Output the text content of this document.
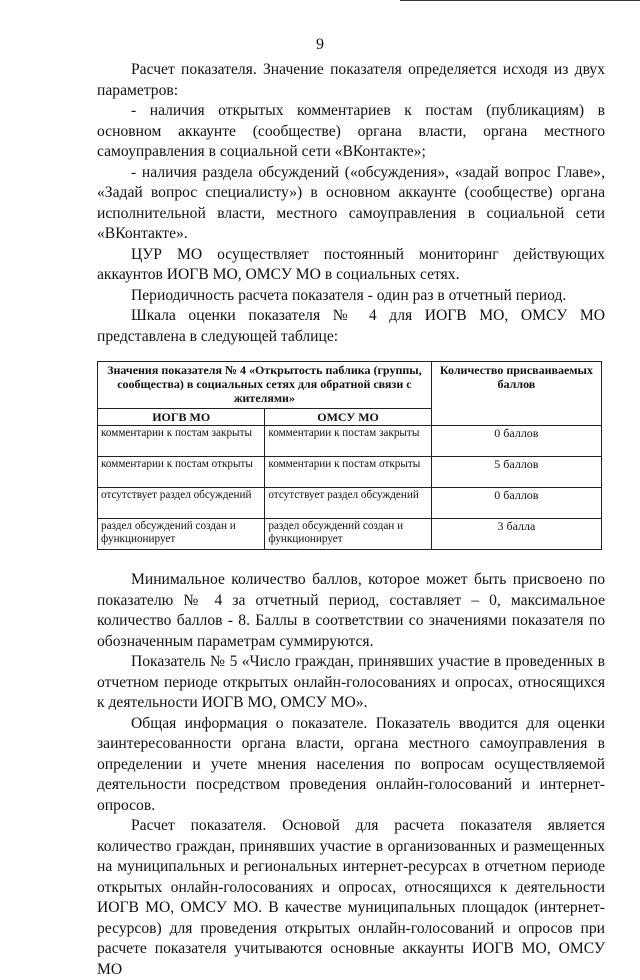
9

Расчет показателя. Значение показателя определяется исходя из двух параметров:

- наличия открытых комментариев к постам (публикациям) в основном аккаунте (сообществе) органа власти, органа местного самоуправления в социальной сети «ВКонтакте»;

- наличия раздела обсуждений («обсуждения», «задай вопрос Главе», «Задай вопрос специалисту») в основном аккаунте (сообществе) органа исполнительной власти, местного самоуправления в социальной сети «ВКонтакте».

ЦУР МО осуществляет постоянный мониторинг действующих аккаунтов ИОГВ МО, ОМСУ МО в социальных сетях.

Периодичность расчета показателя - один раз в отчетный период.

Шкала оценки показателя № 4 для ИОГВ МО, ОМСУ МО представлена в следующей таблице:

Значения показателя № 4 «Открытость паблика (группы, сообщества) в социальных сетях для обратной связи с жителями»		Количество присваиваемых баллов
ИОГВ МО	ОМСУ МО	
комментарии к постам закрыты	комментарии к постам закрыты	0 баллов
комментарии к постам открыты	комментарии к постам открыты	5 баллов
отсутствует раздел обсуждений	отсутствует раздел обсуждений	0 баллов
раздел обсуждений создан и функционирует	раздел обсуждений создан и функционирует	3 балла

Минимальное количество баллов, которое может быть присвоено по показателю № 4 за отчетный период, составляет – 0, максимальное количество баллов - 8. Баллы в соответствии со значениями показателя по обозначенным параметрам суммируются.

Показатель № 5 «Число граждан, принявших участие в проведенных в отчетном периоде открытых онлайн-голосованиях и опросах, относящихся к деятельности ИОГВ МО, ОМСУ МО».

Общая информация о показателе. Показатель вводится для оценки заинтересованности органа власти, органа местного самоуправления в определении и учете мнения населения по вопросам осуществляемой деятельности посредством проведения онлайн-голосований и интернет-опросов.

Расчет показателя. Основой для расчета показателя является количество граждан, принявших участие в организованных и размещенных на муниципальных и региональных интернет-ресурсах в отчетном периоде открытых онлайн-голосованиях и опросах, относящихся к деятельности ИОГВ МО, ОМСУ МО. В качестве муниципальных площадок (интернет-ресурсов) для проведения открытых онлайн-голосований и опросов при расчете показателя учитываются основные аккаунты ИОГВ МО, ОМСУ МО
